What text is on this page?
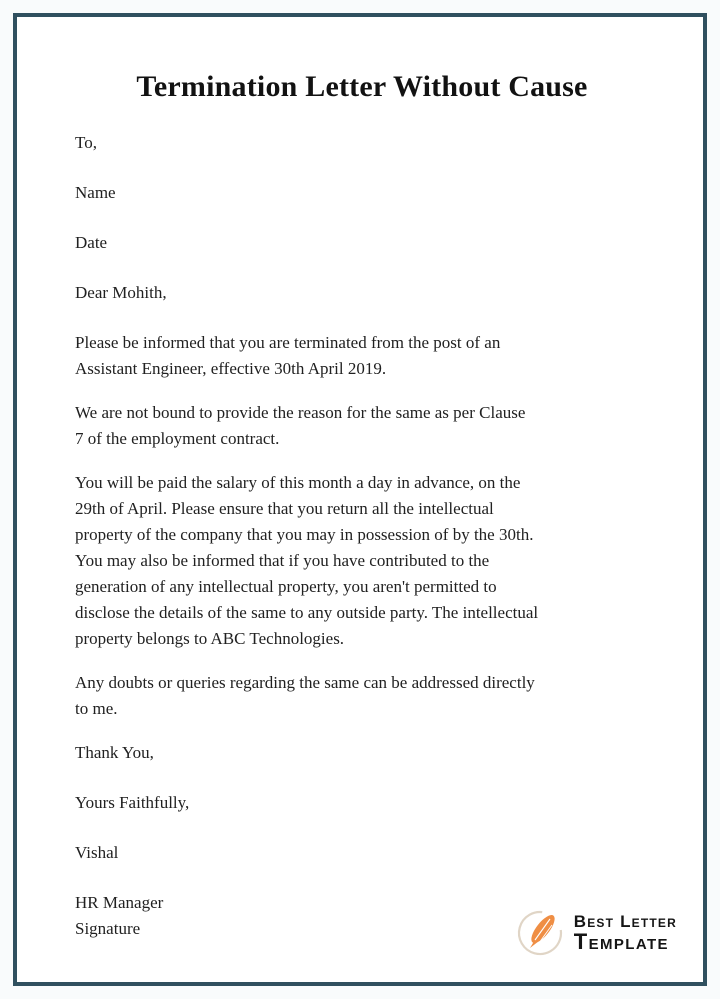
Termination Letter Without Cause
To,
Name
Date
Dear Mohith,
Please be informed that you are terminated from the post of an
Assistant Engineer, effective 30th April 2019.
We are not bound to provide the reason for the same as per Clause
7 of the employment contract.
You will be paid the salary of this month a day in advance, on the
29th of April. Please ensure that you return all the intellectual
property of the company that you may in possession of by the 30th.
You may also be informed that if you have contributed to the
generation of any intellectual property, you aren't permitted to
disclose the details of the same to any outside party. The intellectual
property belongs to ABC Technologies.
Any doubts or queries regarding the same can be addressed directly
to me.
Thank You,
Yours Faithfully,
Vishal
HR Manager
Signature	Best Letter
Template
